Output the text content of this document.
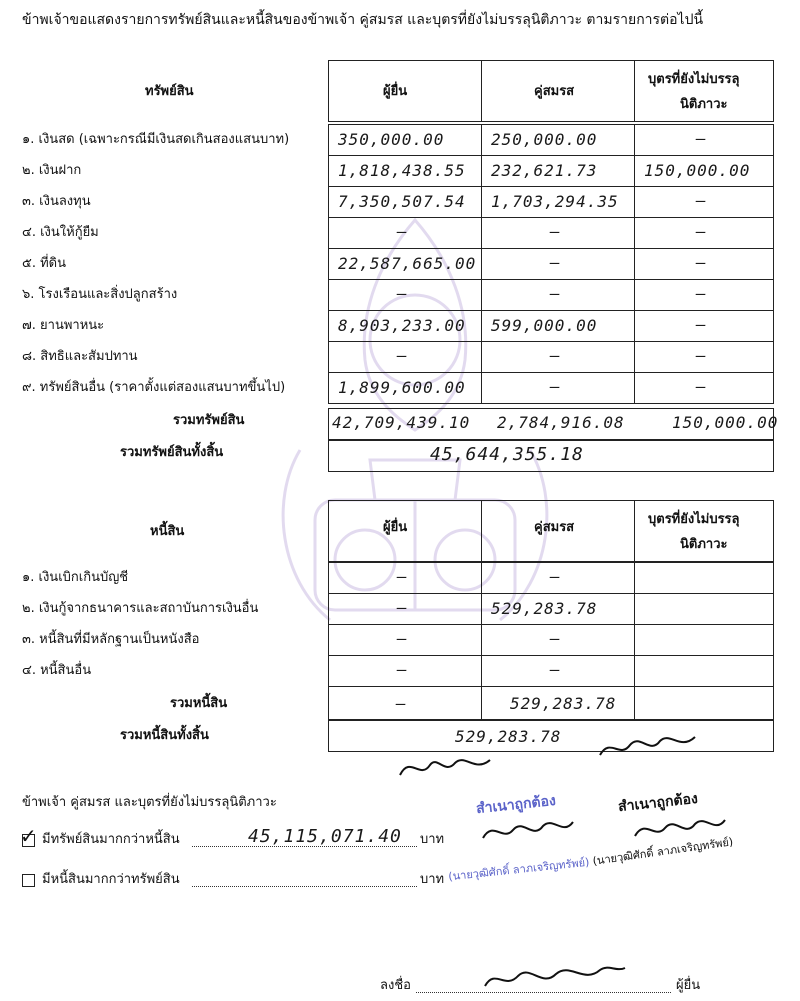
ข้าพเจ้าขอแสดงรายการทรัพย์สินและหนี้สินของข้าพเจ้า คู่สมรส และบุตรที่ยังไม่บรรลุนิติภาวะ ตามรายการต่อไปนี้
ทรัพย์สิน	ผู้ยื่น	คู่สมรส
บุตรที่ยังไม่บรรลุ
นิติภาวะ
๑. เงินสด (เฉพาะกรณีมีเงินสดเกินสองแสนบาท)	350,000.00	250,000.00	—
๒. เงินฝาก	1,818,438.55 232,621.73	150,000.00
๓. เงินลงทุน	7,350,507.54 1,703,294.35	—
๔. เงินให้กู้ยืม	—	—	—
๕. ที่ดิน	22,587,665.00	—	—
๖. โรงเรือนและสิ่งปลูกสร้าง	—	—	—
๗. ยานพาหนะ	8,903,233.00 599,000.00	—
๘. สิทธิและสัมปทาน	—	—	—
๙. ทรัพย์สินอื่น (ราคาตั้งแต่สองแสนบาทขึ้นไป)	1,899,600.00	—	—
รวมทรัพย์สิน	42,709,439.10 2,784,916.08	150,000.00
รวมทรัพย์สินทั้งสิ้น	45,644,355.18
หนี้สิน	ผู้ยื่น	คู่สมรส
บุตรที่ยังไม่บรรลุ
นิติภาวะ
๑. เงินเบิกเกินบัญชี	—	—
๒. เงินกู้จากธนาคารและสถาบันการเงินอื่น	—	529,283.78
๓. หนี้สินที่มีหลักฐานเป็นหนังสือ	—	—
๔. หนี้สินอื่น	—	—
รวมหนี้สิน	—	529,283.78
รวมหนี้สินทั้งสิ้น	529,283.78
ข้าพเจ้า คู่สมรส และบุตรที่ยังไม่บรรลุนิติภาวะ
✓ มีทรัพย์สินมากกว่าหนี้สิน	45,115,071.40 บาท
มีหนี้สินมากกว่าทรัพย์สิน	บาท
สำเนาถูกต้อง
(นายวุฒิศักดิ์ ลาภเจริญทรัพย์)
สำเนาถูกต้อง
(นายวุฒิศักดิ์ ลาภเจริญทรัพย์)
ลงชื่อ	ผู้ยื่น
